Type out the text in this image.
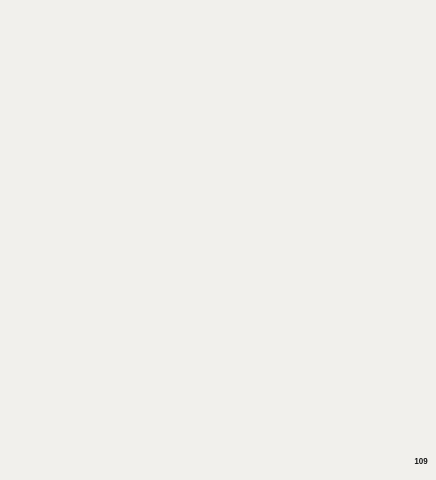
109
